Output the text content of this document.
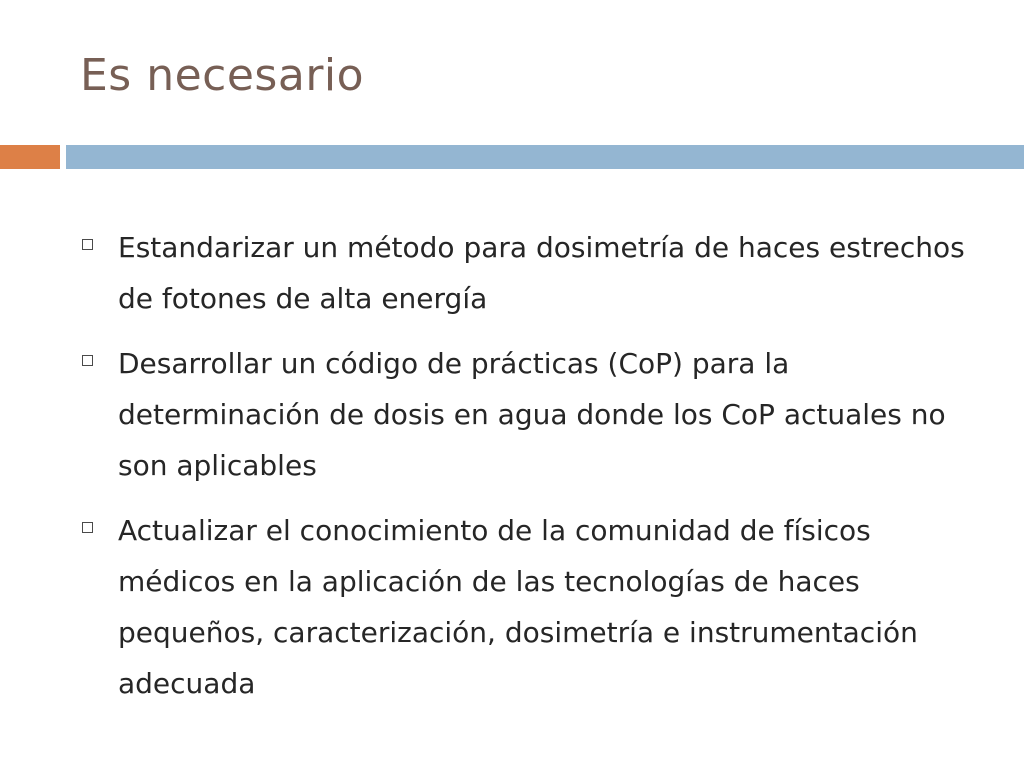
Es necesario
Estandarizar un método para dosimetría de haces estrechos de fotones de alta energía
Desarrollar un código de prácticas (CoP) para la determinación de dosis en agua donde los CoP actuales no son aplicables
Actualizar el conocimiento de la comunidad de físicos médicos en la aplicación de las tecnologías de haces pequeños, caracterización, dosimetría e instrumentación adecuada
